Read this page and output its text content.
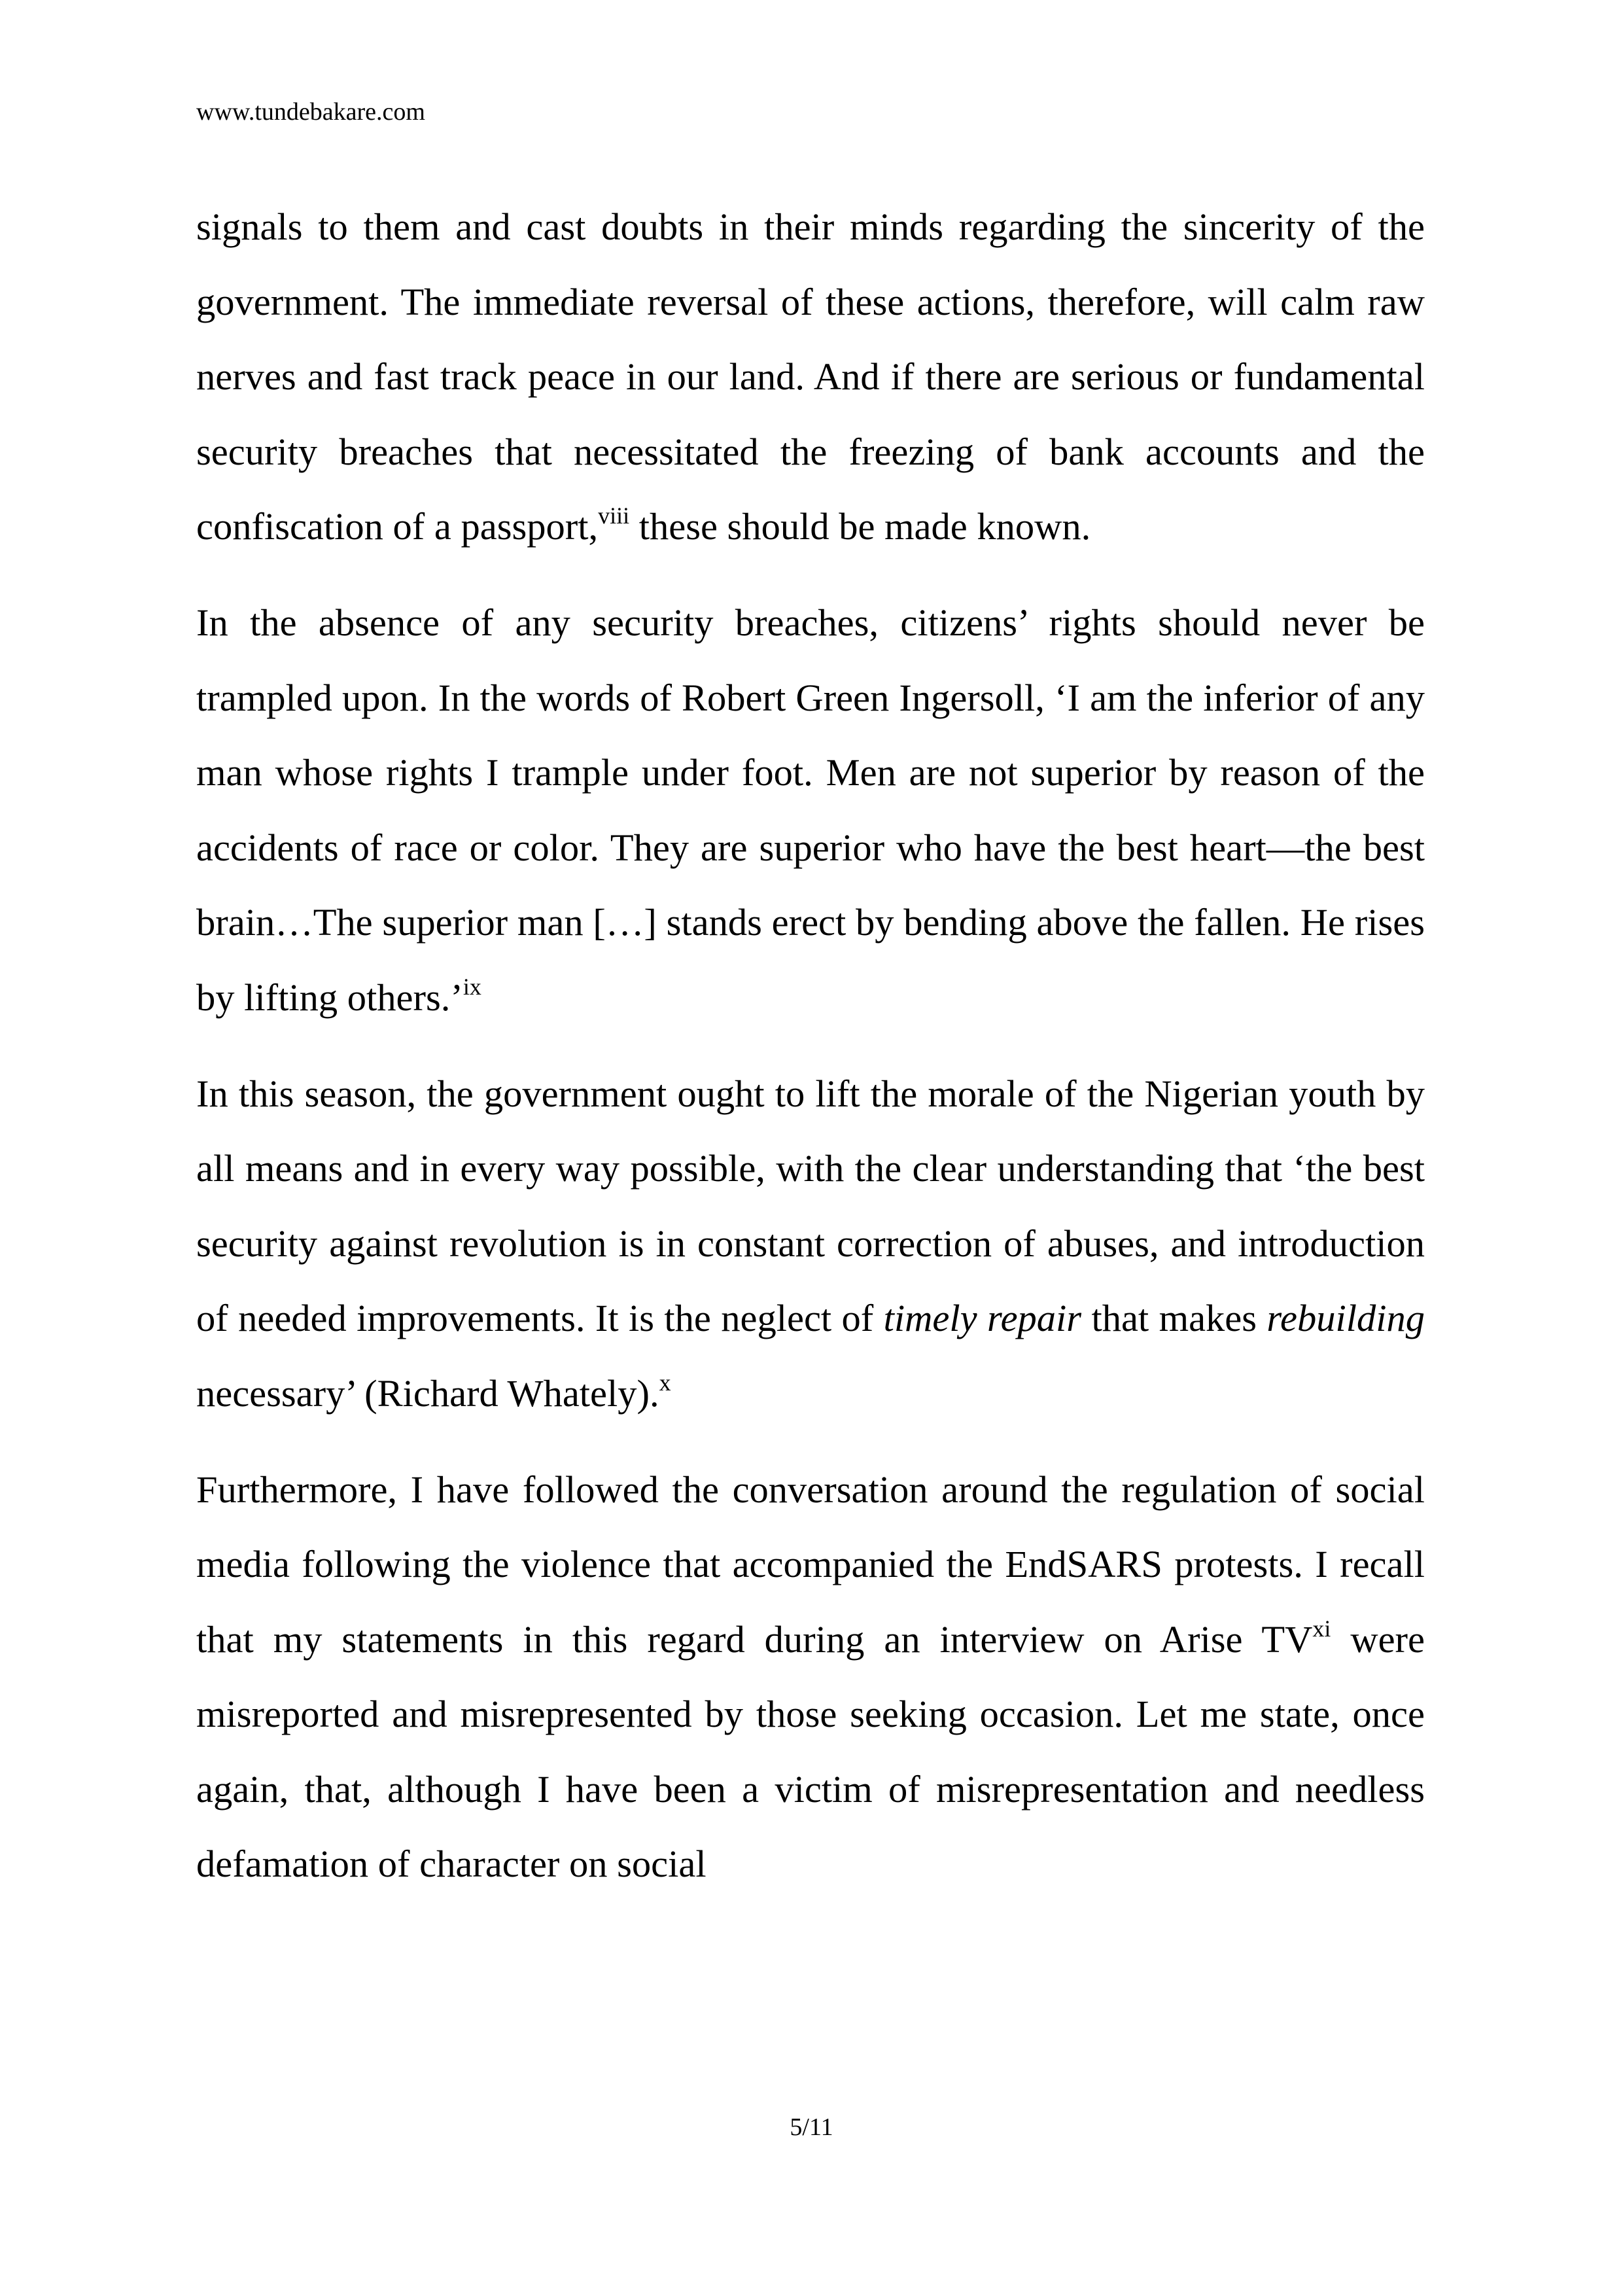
www.tundebakare.com

signals to them and cast doubts in their minds regarding the sincerity of the government. The immediate reversal of these actions, therefore, will calm raw nerves and fast track peace in our land. And if there are serious or fundamental security breaches that necessitated the freezing of bank accounts and the confiscation of a passport,$^{viii}$ these should be made known.

In the absence of any security breaches, citizens’ rights should never be trampled upon. In the words of Robert Green Ingersoll, ‘I am the inferior of any man whose rights I trample under foot. Men are not superior by reason of the accidents of race or color. They are superior who have the best heart—the best brain…The superior man […] stands erect by bending above the fallen. He rises by lifting others.’$^{ix}$

In this season, the government ought to lift the morale of the Nigerian youth by all means and in every way possible, with the clear understanding that ‘the best security against revolution is in constant correction of abuses, and introduction of needed improvements. It is the neglect of timely repair that makes rebuilding necessary’ (Richard Whately).$^x$

Furthermore, I have followed the conversation around the regulation of social media following the violence that accompanied the EndSARS protests. I recall that my statements in this regard during an interview on Arise TV$^{xi}$ were misreported and misrepresented by those seeking occasion. Let me state, once again, that, although I have been a victim of misrepresentation and needless defamation of character on social

5/11
